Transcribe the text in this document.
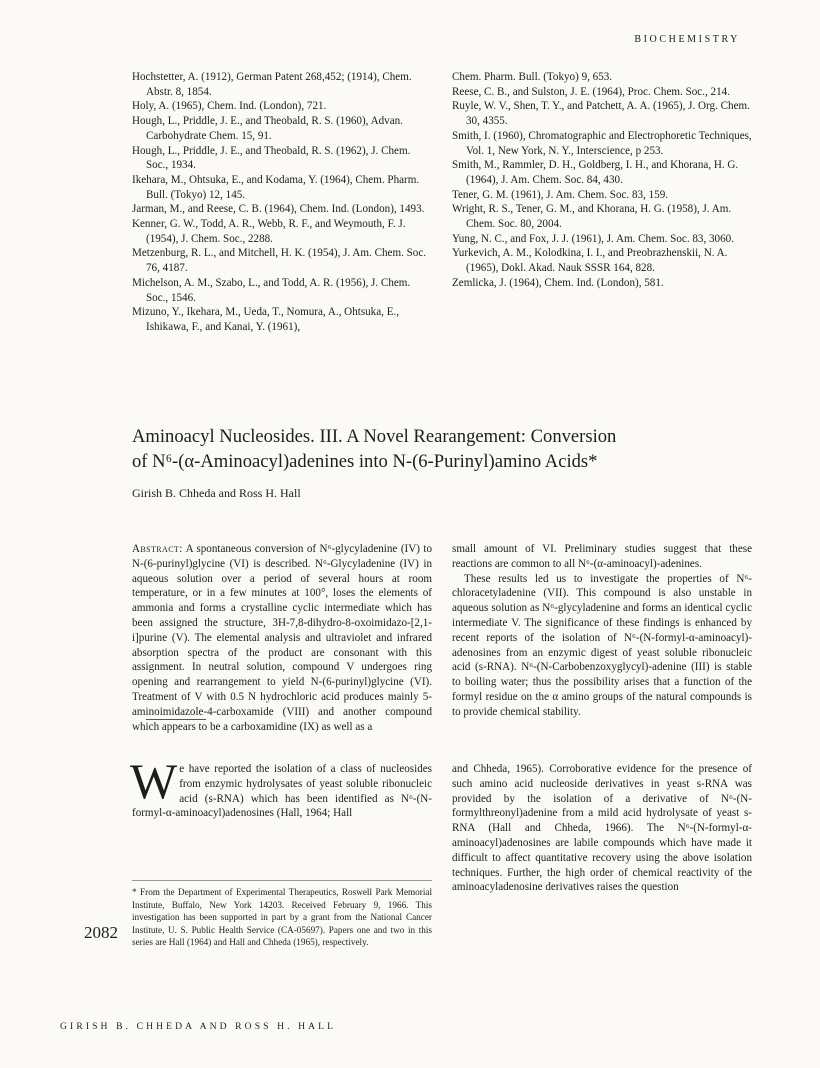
BIOCHEMISTRY

Hochstetter, A. (1912), German Patent 268,452; (1914), Chem. Abstr. 8, 1854.

Holy, A. (1965), Chem. Ind. (London), 721.

Hough, L., Priddle, J. E., and Theobald, R. S. (1960), Advan. Carbohydrate Chem. 15, 91.

Hough, L., Priddle, J. E., and Theobald, R. S. (1962), J. Chem. Soc., 1934.

Ikehara, M., Ohtsuka, E., and Kodama, Y. (1964), Chem. Pharm. Bull. (Tokyo) 12, 145.

Jarman, M., and Reese, C. B. (1964), Chem. Ind. (London), 1493.

Kenner, G. W., Todd, A. R., Webb, R. F., and Weymouth, F. J. (1954), J. Chem. Soc., 2288.

Metzenburg, R. L., and Mitchell, H. K. (1954), J. Am. Chem. Soc. 76, 4187.

Michelson, A. M., Szabo, L., and Todd, A. R. (1956), J. Chem. Soc., 1546.

Mizuno, Y., Ikehara, M., Ueda, T., Nomura, A., Ohtsuka, E., Ishikawa, F., and Kanai, Y. (1961),

Chem. Pharm. Bull. (Tokyo) 9, 653.

Reese, C. B., and Sulston, J. E. (1964), Proc. Chem. Soc., 214.

Ruyle, W. V., Shen, T. Y., and Patchett, A. A. (1965), J. Org. Chem. 30, 4355.

Smith, I. (1960), Chromatographic and Electrophoretic Techniques, Vol. 1, New York, N. Y., Interscience, p 253.

Smith, M., Rammler, D. H., Goldberg, I. H., and Khorana, H. G. (1964), J. Am. Chem. Soc. 84, 430.

Tener, G. M. (1961), J. Am. Chem. Soc. 83, 159.

Wright, R. S., Tener, G. M., and Khorana, H. G. (1958), J. Am. Chem. Soc. 80, 2004.

Yung, N. C., and Fox, J. J. (1961), J. Am. Chem. Soc. 83, 3060.

Yurkevich, A. M., Kolodkina, I. I., and Preobrazhenskii, N. A. (1965), Dokl. Akad. Nauk SSSR 164, 828.

Zemlicka, J. (1964), Chem. Ind. (London), 581.

Aminoacyl Nucleosides. III. A Novel Rearangement: Conversion
of N⁶-(α-Aminoacyl)adenines into N-(6-Purinyl)amino Acids*
Girish B. Chheda and Ross H. Hall
Abstract: A spontaneous conversion of N⁶-glycyladenine (IV) to N-(6-purinyl)glycine (VI) is described. N⁶-Glycyladenine (IV) in aqueous solution over a period of several hours at room temperature, or in a few minutes at 100°, loses the elements of ammonia and forms a crystalline cyclic intermediate which has been assigned the structure, 3H-7,8-dihydro-8-oxoimidazo-[2,1-i]purine (V). The elemental analysis and ultraviolet and infrared absorption spectra of the product are consonant with this assignment. In neutral solution, compound V undergoes ring opening and rearrangement to yield N-(6-purinyl)glycine (VI). Treatment of V with 0.5 N hydrochloric acid produces mainly 5-aminoimidazole-4-carboxamide (VIII) and another compound which appears to be a carboxamidine (IX) as well as a

small amount of VI. Preliminary studies suggest that these reactions are common to all N⁶-(α-aminoacyl)-adenines.

These results led us to investigate the properties of N⁶-chloracetyladenine (VII). This compound is also unstable in aqueous solution as N⁶-glycyladenine and forms an identical cyclic intermediate V. The significance of these findings is enhanced by recent reports of the isolation of N⁶-(N-formyl-α-aminoacyl)-adenosines from an enzymic digest of yeast soluble ribonucleic acid (s-RNA). N⁶-(N-Carbobenzoxyglycyl)-adenine (III) is stable to boiling water; thus the possibility arises that a function of the formyl residue on the α amino groups of the natural compounds is to provide chemical stability.

W e have reported the isolation of a class of nucleosides from enzymic hydrolysates of yeast soluble ribonucleic acid (s-RNA) which has been identified as N⁶-(N-formyl-α-aminoacyl)adenosines (Hall, 1964; Hall
and Chheda, 1965). Corroborative evidence for the presence of such amino acid nucleoside derivatives in yeast s-RNA was provided by the isolation of a derivative of N⁶-(N-formylthreonyl)adenine from a mild acid hydrolysate of yeast s-RNA (Hall and Chheda, 1966). The N⁶-(N-formyl-α-aminoacyl)adenosines are labile compounds which have made it difficult to affect quantitative recovery using the above isolation techniques. Further, the high order of chemical reactivity of the aminoacyladenosine derivatives raises the question
* From the Department of Experimental Therapeutics, Roswell Park Memorial Institute, Buffalo, New York 14203. Received February 9, 1966. This investigation has been supported in part by a grant from the National Cancer Institute, U. S. Public Health Service (CA-05697). Papers one and two in this series are Hall (1964) and Hall and Chheda (1965), respectively.
2082
GIRISH B. CHHEDA AND ROSS H. HALL
